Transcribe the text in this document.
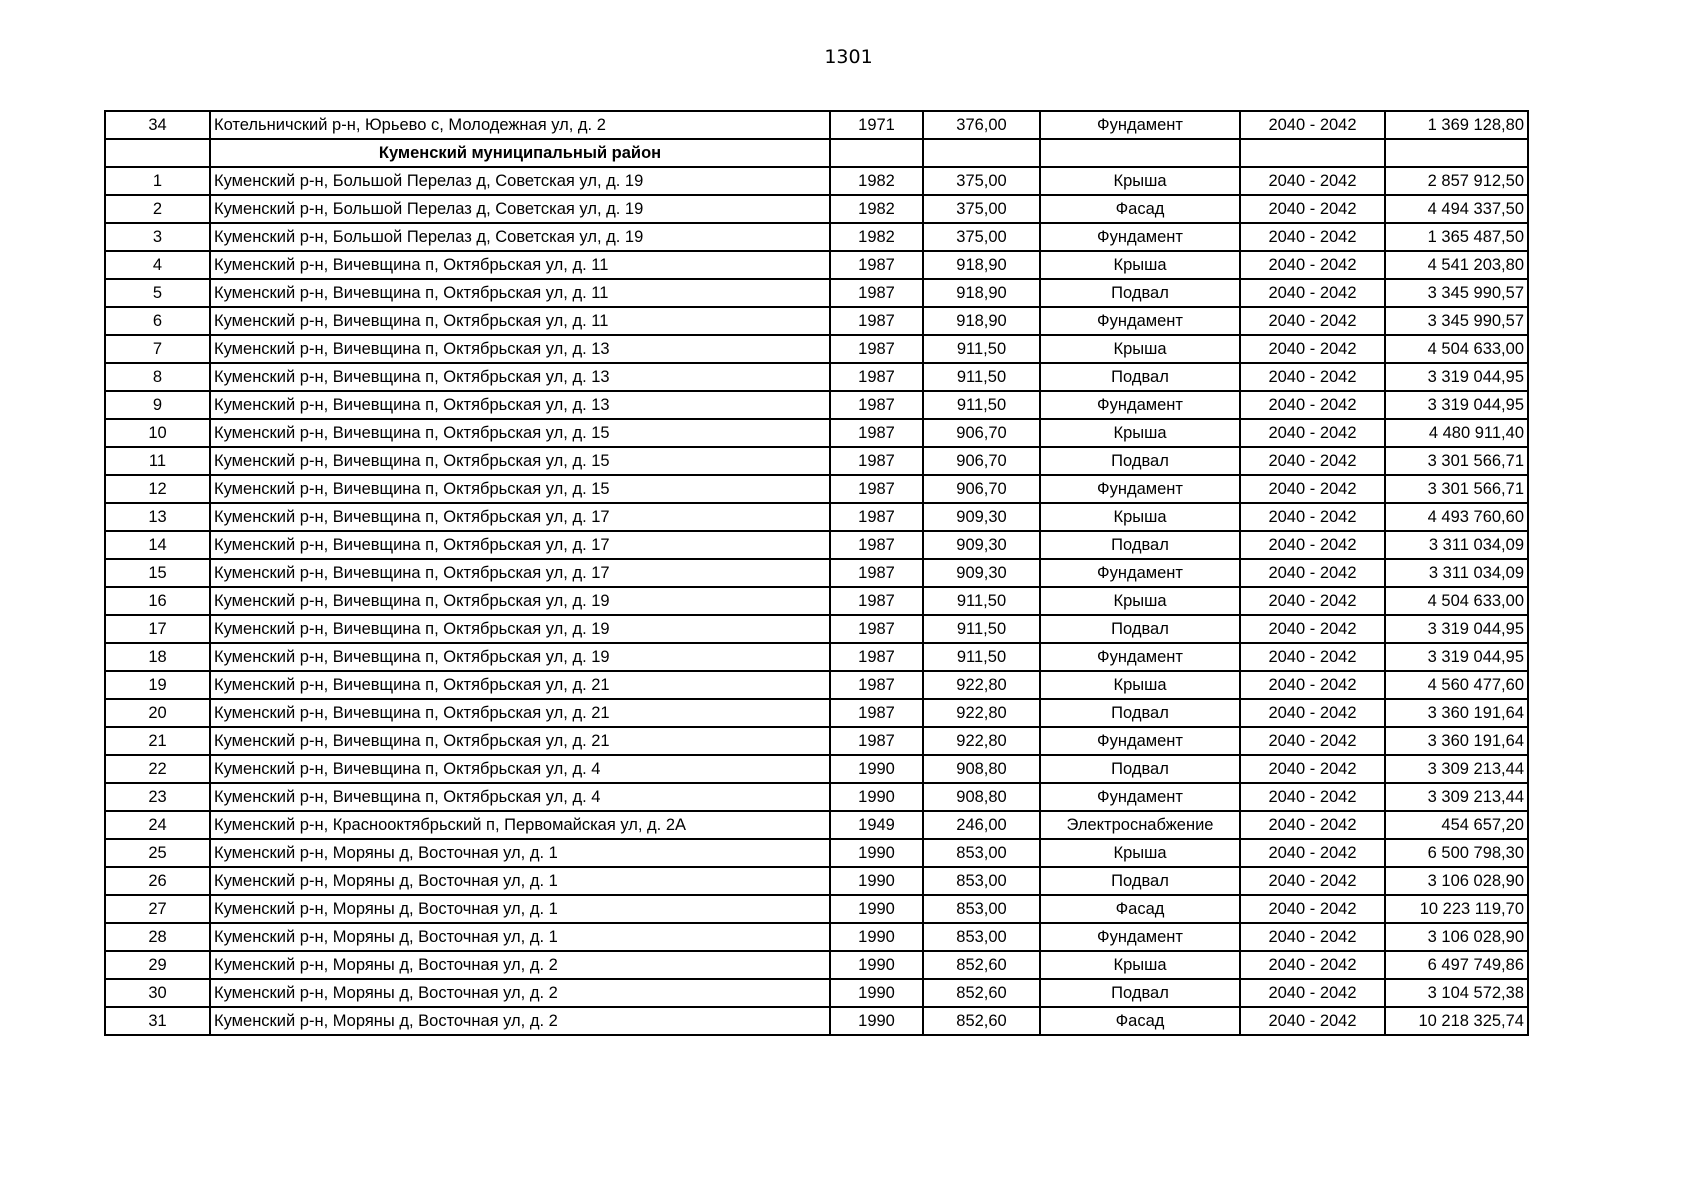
1301
34	Котельничский р-н, Юрьево с, Молодежная ул, д. 2	1971	376,00	Фундамент	2040 - 2042	1 369 128,80
	Куменский муниципальный район					
1	Куменский р-н, Большой Перелаз д, Советская ул, д. 19	1982	375,00	Крыша	2040 - 2042	2 857 912,50
2	Куменский р-н, Большой Перелаз д, Советская ул, д. 19	1982	375,00	Фасад	2040 - 2042	4 494 337,50
3	Куменский р-н, Большой Перелаз д, Советская ул, д. 19	1982	375,00	Фундамент	2040 - 2042	1 365 487,50
4	Куменский р-н, Вичевщина п, Октябрьская ул, д. 11	1987	918,90	Крыша	2040 - 2042	4 541 203,80
5	Куменский р-н, Вичевщина п, Октябрьская ул, д. 11	1987	918,90	Подвал	2040 - 2042	3 345 990,57
6	Куменский р-н, Вичевщина п, Октябрьская ул, д. 11	1987	918,90	Фундамент	2040 - 2042	3 345 990,57
7	Куменский р-н, Вичевщина п, Октябрьская ул, д. 13	1987	911,50	Крыша	2040 - 2042	4 504 633,00
8	Куменский р-н, Вичевщина п, Октябрьская ул, д. 13	1987	911,50	Подвал	2040 - 2042	3 319 044,95
9	Куменский р-н, Вичевщина п, Октябрьская ул, д. 13	1987	911,50	Фундамент	2040 - 2042	3 319 044,95
10	Куменский р-н, Вичевщина п, Октябрьская ул, д. 15	1987	906,70	Крыша	2040 - 2042	4 480 911,40
11	Куменский р-н, Вичевщина п, Октябрьская ул, д. 15	1987	906,70	Подвал	2040 - 2042	3 301 566,71
12	Куменский р-н, Вичевщина п, Октябрьская ул, д. 15	1987	906,70	Фундамент	2040 - 2042	3 301 566,71
13	Куменский р-н, Вичевщина п, Октябрьская ул, д. 17	1987	909,30	Крыша	2040 - 2042	4 493 760,60
14	Куменский р-н, Вичевщина п, Октябрьская ул, д. 17	1987	909,30	Подвал	2040 - 2042	3 311 034,09
15	Куменский р-н, Вичевщина п, Октябрьская ул, д. 17	1987	909,30	Фундамент	2040 - 2042	3 311 034,09
16	Куменский р-н, Вичевщина п, Октябрьская ул, д. 19	1987	911,50	Крыша	2040 - 2042	4 504 633,00
17	Куменский р-н, Вичевщина п, Октябрьская ул, д. 19	1987	911,50	Подвал	2040 - 2042	3 319 044,95
18	Куменский р-н, Вичевщина п, Октябрьская ул, д. 19	1987	911,50	Фундамент	2040 - 2042	3 319 044,95
19	Куменский р-н, Вичевщина п, Октябрьская ул, д. 21	1987	922,80	Крыша	2040 - 2042	4 560 477,60
20	Куменский р-н, Вичевщина п, Октябрьская ул, д. 21	1987	922,80	Подвал	2040 - 2042	3 360 191,64
21	Куменский р-н, Вичевщина п, Октябрьская ул, д. 21	1987	922,80	Фундамент	2040 - 2042	3 360 191,64
22	Куменский р-н, Вичевщина п, Октябрьская ул, д. 4	1990	908,80	Подвал	2040 - 2042	3 309 213,44
23	Куменский р-н, Вичевщина п, Октябрьская ул, д. 4	1990	908,80	Фундамент	2040 - 2042	3 309 213,44
24	Куменский р-н, Краснооктябрьский п, Первомайская ул, д. 2А	1949	246,00	Электроснабжение	2040 - 2042	454 657,20
25	Куменский р-н, Моряны д, Восточная ул, д. 1	1990	853,00	Крыша	2040 - 2042	6 500 798,30
26	Куменский р-н, Моряны д, Восточная ул, д. 1	1990	853,00	Подвал	2040 - 2042	3 106 028,90
27	Куменский р-н, Моряны д, Восточная ул, д. 1	1990	853,00	Фасад	2040 - 2042	10 223 119,70
28	Куменский р-н, Моряны д, Восточная ул, д. 1	1990	853,00	Фундамент	2040 - 2042	3 106 028,90
29	Куменский р-н, Моряны д, Восточная ул, д. 2	1990	852,60	Крыша	2040 - 2042	6 497 749,86
30	Куменский р-н, Моряны д, Восточная ул, д. 2	1990	852,60	Подвал	2040 - 2042	3 104 572,38
31	Куменский р-н, Моряны д, Восточная ул, д. 2	1990	852,60	Фасад	2040 - 2042	10 218 325,74
